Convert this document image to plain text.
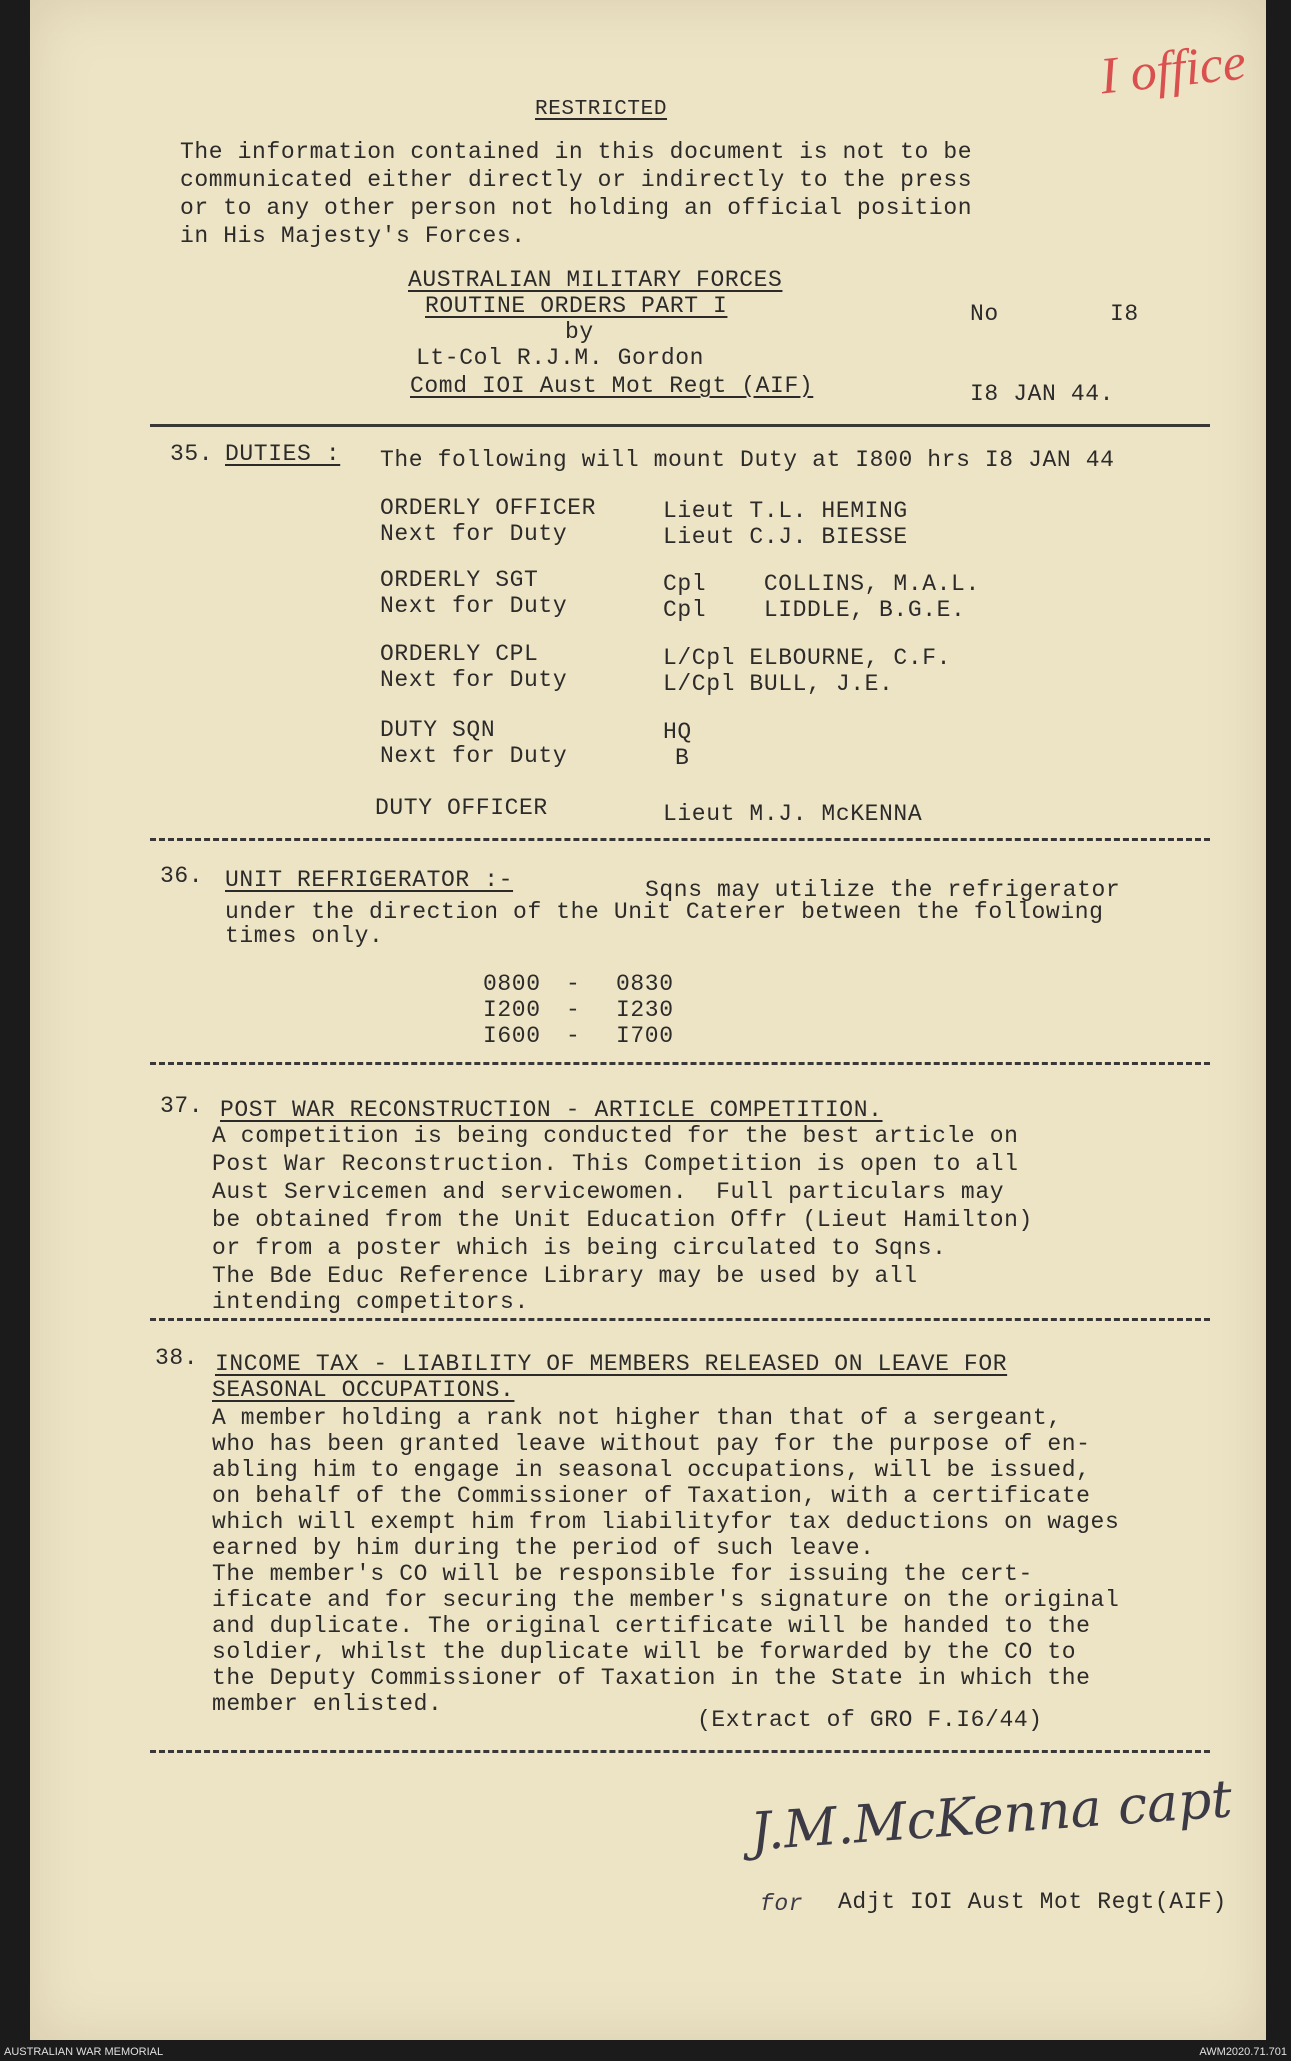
I office
RESTRICTED
The information contained in this document is not to be
communicated either directly or indirectly to the press
or to any other person not holding an official position
in His Majesty's Forces.
AUSTRALIAN MILITARY FORCES
ROUTINE ORDERS PART I
by
Lt-Col R.J.M. Gordon
Comd IOI Aust Mot Regt (AIF)
No	I8
I8 JAN 44.
35. DUTIES : The following will mount Duty at I800 hrs I8 JAN 44
ORDERLY OFFICER	Lieut T.L. HEMING
Next for Duty	Lieut C.J. BIESSE
ORDERLY SGT	Cpl    COLLINS, M.A.L.
Next for Duty	Cpl    LIDDLE, B.G.E.
ORDERLY CPL	L/Cpl ELBOURNE, C.F.
Next for Duty	L/Cpl BULL, J.E.
DUTY SQN	HQ
Next for Duty	B
DUTY OFFICER	Lieut M.J. McKENNA
36. UNIT REFRIGERATOR :-	Sqns may utilize the refrigerator
under the direction of the Unit Caterer between the following
times only.
0800 - 0830
I200 - I230
I600 - I700
37. POST WAR RECONSTRUCTION - ARTICLE COMPETITION.
A competition is being conducted for the best article on
Post War Reconstruction. This Competition is open to all
Aust Servicemen and servicewomen.  Full particulars may
be obtained from the Unit Education Offr (Lieut Hamilton)
or from a poster which is being circulated to Sqns.
The Bde Educ Reference Library may be used by all
intending competitors.
38. INCOME TAX - LIABILITY OF MEMBERS RELEASED ON LEAVE FOR
SEASONAL OCCUPATIONS.
A member holding a rank not higher than that of a sergeant,
who has been granted leave without pay for the purpose of en-
abling him to engage in seasonal occupations, will be issued,
on behalf of the Commissioner of Taxation, with a certificate
which will exempt him from liabilityfor tax deductions on wages
earned by him during the period of such leave.
The member's CO will be responsible for issuing the cert-
ificate and for securing the member's signature on the original
and duplicate. The original certificate will be handed to the
soldier, whilst the duplicate will be forwarded by the CO to
the Deputy Commissioner of Taxation in the State in which the
member enlisted.
(Extract of GRO F.I6/44)
J.M.McKenna capt
for Adjt IOI Aust Mot Regt(AIF)
AUSTRALIAN WAR MEMORIAL	AWM2020.71.701
